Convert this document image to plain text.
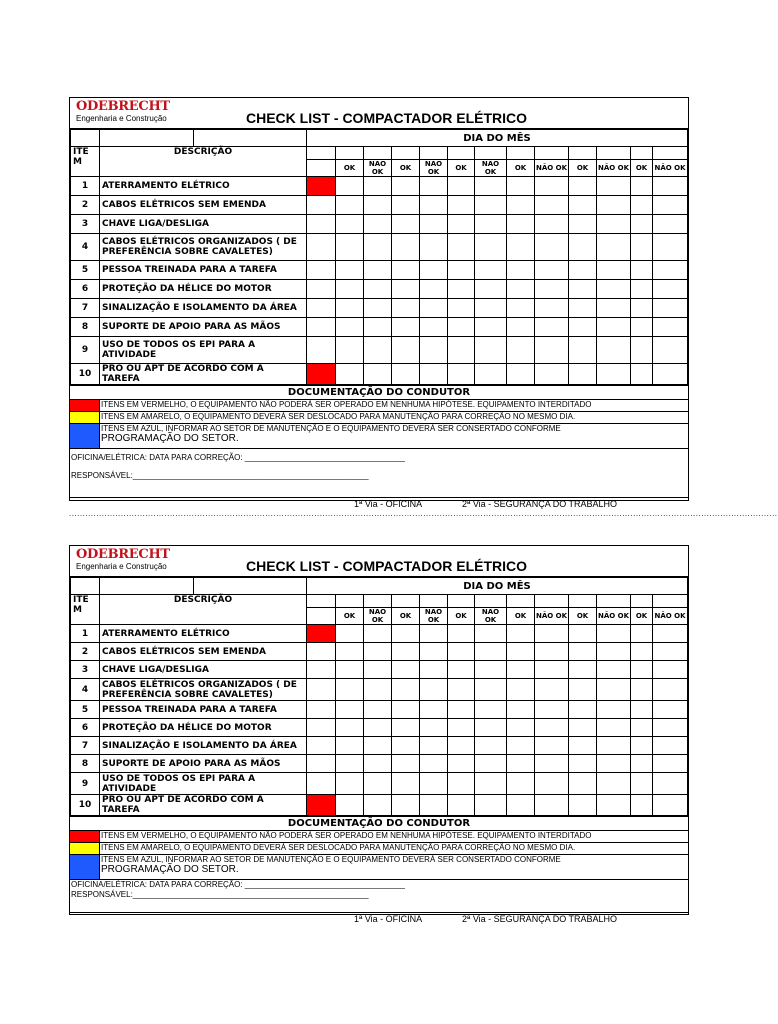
ODEBRECHT
Engenharia e Construção	CHECK LIST - COMPACTADOR ELÉTRICO
			DIA DO MÊS												
ITE
M	DESCRIÇÃO														
				OK	NÃO OK	OK	NÃO OK	OK	NÃO OK	OK	NÃO OK	OK	NÃO OK	OK	NÃO OK
1	ATERRAMENTO ELÉTRICO														
2	CABOS ELÉTRICOS SEM EMENDA														
3	CHAVE LIGA/DESLIGA														
4	CABOS ELÉTRICOS ORGANIZADOS ( DE PREFERÊNCIA SOBRE CAVALETES)														
5	PESSOA TREINADA PARA A TAREFA														
6	PROTEÇÃO DA HÉLICE DO MOTOR														
7	SINALIZAÇÃO E ISOLAMENTO DA ÁREA														
8	SUPORTE DE APOIO PARA AS MÃOS														
9	USO DE TODOS OS EPI PARA A ATIVIDADE														
10	PRO OU APT DE ACORDO COM A TAREFA														
DOCUMENTAÇÃO DO CONDUTOR
ITENS EM VERMELHO, O EQUIPAMENTO NÃO PODERÁ SER OPERADO EM NENHUMA HIPÓTESE. EQUIPAMENTO INTERDITADO
ITENS EM AMARELO, O EQUIPAMENTO DEVERÁ SER DESLOCADO PARA MANUTENÇÃO PARA CORREÇÃO NO MESMO DIA.
ITENS EM AZUL, INFORMAR AO SETOR DE MANUTENÇÃO E O EQUIPAMENTO DEVERÁ SER CONSERTADO CONFORME
PROGRAMAÇÃO DO SETOR.
OFICINA/ELÉTRICA: DATA PARA CORREÇÃO: ____________________________________
RESPONSÁVEL:_____________________________________________________
1ª Via - OFICINA	2ª Via - SEGURANÇA DO TRABALHO
....................................................................................................................................................................................................................................................................
ODEBRECHT
Engenharia e Construção	CHECK LIST - COMPACTADOR ELÉTRICO
			DIA DO MÊS												
ITE
M	DESCRIÇÃO														
				OK	NÃO OK	OK	NÃO OK	OK	NÃO OK	OK	NÃO OK	OK	NÃO OK	OK	NÃO OK
1	ATERRAMENTO ELÉTRICO														
2	CABOS ELÉTRICOS SEM EMENDA														
3	CHAVE LIGA/DESLIGA														
4	CABOS ELÉTRICOS ORGANIZADOS ( DE PREFERÊNCIA SOBRE CAVALETES)														
5	PESSOA TREINADA PARA A TAREFA														
6	PROTEÇÃO DA HÉLICE DO MOTOR														
7	SINALIZAÇÃO E ISOLAMENTO DA ÁREA														
8	SUPORTE DE APOIO PARA AS MÃOS														
9	USO DE TODOS OS EPI PARA A ATIVIDADE														
10	PRO OU APT DE ACORDO COM A TAREFA														
DOCUMENTAÇÃO DO CONDUTOR
ITENS EM VERMELHO, O EQUIPAMENTO NÃO PODERÁ SER OPERADO EM NENHUMA HIPÓTESE. EQUIPAMENTO INTERDITADO
ITENS EM AMARELO, O EQUIPAMENTO DEVERÁ SER DESLOCADO PARA MANUTENÇÃO PARA CORREÇÃO NO MESMO DIA.
ITENS EM AZUL, INFORMAR AO SETOR DE MANUTENÇÃO E O EQUIPAMENTO DEVERÁ SER CONSERTADO CONFORME
PROGRAMAÇÃO DO SETOR.
OFICINA/ELÉTRICA: DATA PARA CORREÇÃO: ____________________________________
RESPONSÁVEL:_____________________________________________________
1ª Via - OFICINA	2ª Via - SEGURANÇA DO TRABALHO
